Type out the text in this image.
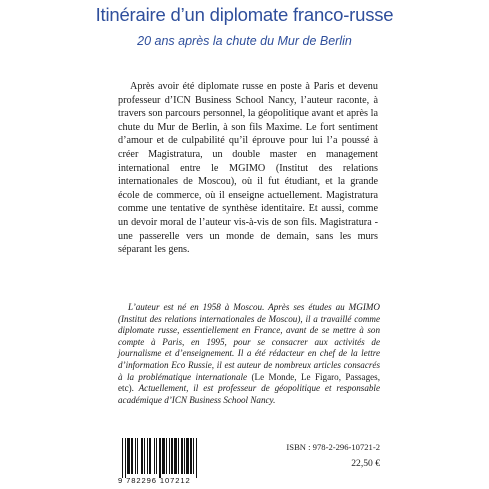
Itinéraire d’un diplomate franco-russe
20 ans après la chute du Mur de Berlin

Après avoir été diplomate russe en poste à Paris et devenu professeur d’ICN Business School Nancy, l’auteur raconte, à travers son parcours personnel, la géopolitique avant et après la chute du Mur de Berlin, à son fils Maxime. Le fort sentiment d’amour et de culpabilité qu’il éprouve pour lui l’a poussé à créer Magistratura, un double master en management international entre le MGIMO (Institut des relations internationales de Moscou), où il fut étudiant, et la grande école de commerce, où il enseigne actuellement. Magistratura comme une tentative de synthèse identitaire. Et aussi, comme un devoir moral de l’auteur vis-à-vis de son fils. Magistratura - une passerelle vers un monde de demain, sans les murs séparant les gens.

L’auteur est né en 1958 à Moscou. Après ses études au MGIMO (Institut des relations internationales de Moscou), il a travaillé comme diplomate russe, essentiellement en France, avant de se mettre à son compte à Paris, en 1995, pour se consacrer aux activités de journalisme et d’enseignement. Il a été rédacteur en chef de la lettre d’information Eco Russie, il est auteur de nombreux articles consacrés à la problématique internationale (Le Monde, Le Figaro, Passages, etc). Actuellement, il est professeur de géopolitique et responsable académique d’ICN Business School Nancy.

9 782296 107212
ISBN : 978-2-296-10721-2
22,50 €
